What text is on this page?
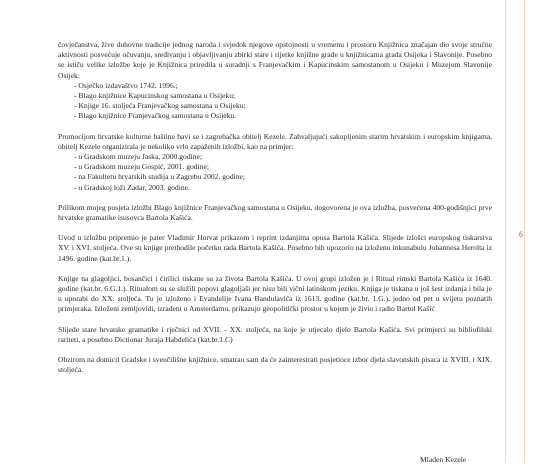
6

čovječanstva, živе duhovne tradicije jednog naroda i svjedok njegove opstojnosti u vremenu i prostoru Knjižnica značajan dio svoje stručne aktivnosti posvećuje očuvanju, sređivanju i objavljivanju zbirki stare i rijetke knjižne građe u knjižnicama grada Osijeka i Slavonije. Posebno se ističu velike izložbe koje je Knjižnica priredila u suradnji s Franjevačkim i Kapucinskim samostanom u Osijeku i Muzejom Slavonije Osijek:

- Osječko izdavaštvo 1742. 1996.;
- Blago knjižnice Kapucinskog samostana u Osijeku;
- Knjige 16. stoljeća Franjevačkog samostana u Osijeku;
- Blago knjižnice Franjevačkog samostana u Osijeku.

Promocijom hrvatske kulturne baštine bavi se i zagrebačka obitelj Kezele. Zahvaljujući sakupljenim starim hrvatskim i europskim knjigama, obitelj Kezele organizirala je nekoliko vrlo zapaženih izložbi, kao na primjer:

- u Gradskom muzeju Jaska, 2000.godine;
- u Gradskom muzeju Gospić, 2001. godine;
- na Fakultetu hrvatskih studija u Zagrebu 2002. godine;
- u Gradskoj loži Zadar, 2003. godine.

Prilikom mojeg posjeta izložbi Blago knjižnice Franjevačkog samostana u Osijeku, dogovorena je ova izložba, posvećena 400-godišnjici prve hrvatske gramatike isusovca Bartola Kašića.

Uvod u izložbu pripremio je pater Vladimir Horvat prikazom i reprint izdanjima opusa Bartola Kašića. Slijede izlošci europskog tiskarstva XV. i XVI. stoljeća. Ove su knjige prethodile početku rada Bartola Kašića. Posebno bih upozorio na izloženu inkunabulu Johannesa Herolta iz 1496. godine (kat.br.1.).

Knjige na glagoljici, bosančici i ćirilici tiskane su za života Bartola Kašića. U ovoj grupi izložen je i Ritual rimski Bartola Kašića iz 1640. godine (kat.br. 6.G.1.). Ritualom su se služili popovi glagoljaši jer nisu bili vični latinskom jeziku. Knjiga je tiskana u još šest izdanja i bila je u uporabi do XX. stoljeća. Tu je izloženo i Evandelije Ivana Bandulavića iz 1613. godine (kat.br. 1.G.), jedno od pet u svijetu poznatih primjeraka. Izloženi zemljovidi, izrađeni u Amsterdamu, prikazuju geopolitički prostor u kojem je živio i radio Bartol Kašić

Slijede stare hrvatske gramatike i rječnici od XVII. - XX. stoljeća, na koje je utjecalo djelo Bartola Kašića. Svi primjerci su bibliofilski rariteti, a posebno Dictionar Juraja Habdelića (kat.br.1.C)

Obzirom na domicil Gradske i sveučilišne knjižnice, smatrao sam da će zainteresirati posjetioce izbor djela slavonskih pisaca iz XVIII. i XIX. stoljeća.

Mladen Kezele
